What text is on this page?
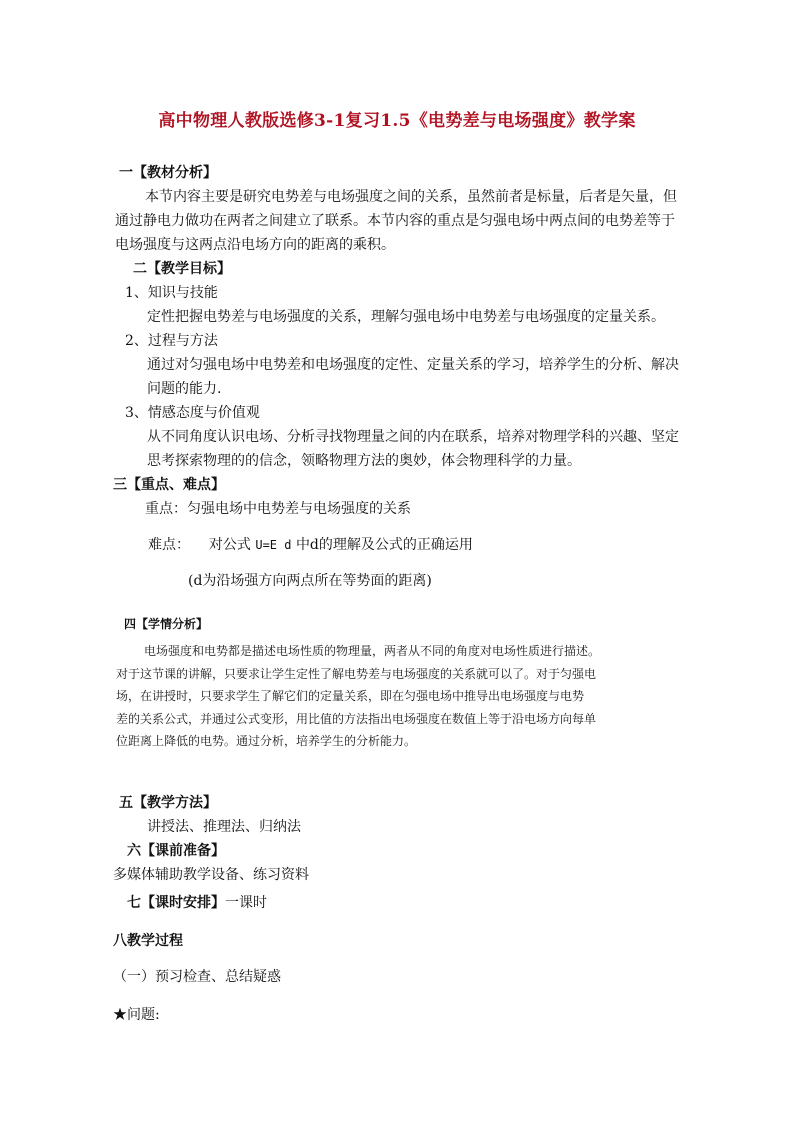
高中物理人教版选修3-1复习1.5《电势差与电场强度》教学案
一【教材分析】
本节内容主要是研究电势差与电场强度之间的关系，虽然前者是标量，后者是矢量，但
通过静电力做功在两者之间建立了联系。本节内容的重点是匀强电场中两点间的电势差等于
电场强度与这两点沿电场方向的距离的乘积。
二【教学目标】
1、知识与技能
定性把握电势差与电场强度的关系，理解匀强电场中电势差与电场强度的定量关系。
2、过程与方法
通过对匀强电场中电势差和电场强度的定性、定量关系的学习，培养学生的分析、解决
问题的能力.
3、情感态度与价值观
从不同角度认识电场、分析寻找物理量之间的内在联系，培养对物理学科的兴趣、坚定
思考探索物理的的信念，领略物理方法的奥妙，体会物理科学的力量。
三【重点、难点】
重点：匀强电场中电势差与电场强度的关系
难点： 对公式 U=E d 中d的理解及公式的正确运用
(d为沿场强方向两点所在等势面的距离)
四【学情分析】
电场强度和电势都是描述电场性质的物理量，两者从不同的角度对电场性质进行描述。
对于这节课的讲解，只要求让学生定性了解电势差与电场强度的关系就可以了。对于匀强电
场，在讲授时，只要求学生了解它们的定量关系，即在匀强电场中推导出电场强度与电势
差的关系公式，并通过公式变形，用比值的方法指出电场强度在数值上等于沿电场方向每单
位距离上降低的电势。通过分析，培养学生的分析能力。
五【教学方法】
讲授法、推理法、归纳法
六【课前准备】
多媒体辅助教学设备、练习资料
七【课时安排】一课时
八教学过程
（一）预习检查、总结疑惑
★问题:
